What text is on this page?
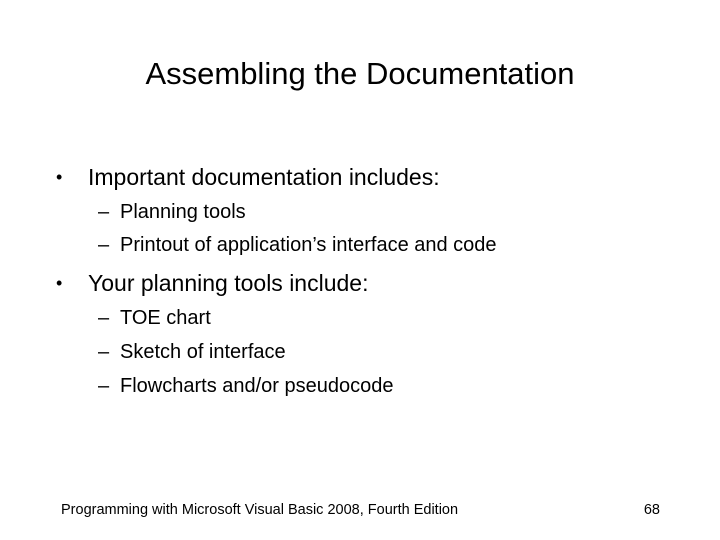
Assembling the Documentation
•	Important documentation includes:
– Planning tools
– Printout of application’s interface and code
•	Your planning tools include:
– TOE chart
– Sketch of interface
– Flowcharts and/or pseudocode
Programming with Microsoft Visual Basic 2008, Fourth Edition	68
